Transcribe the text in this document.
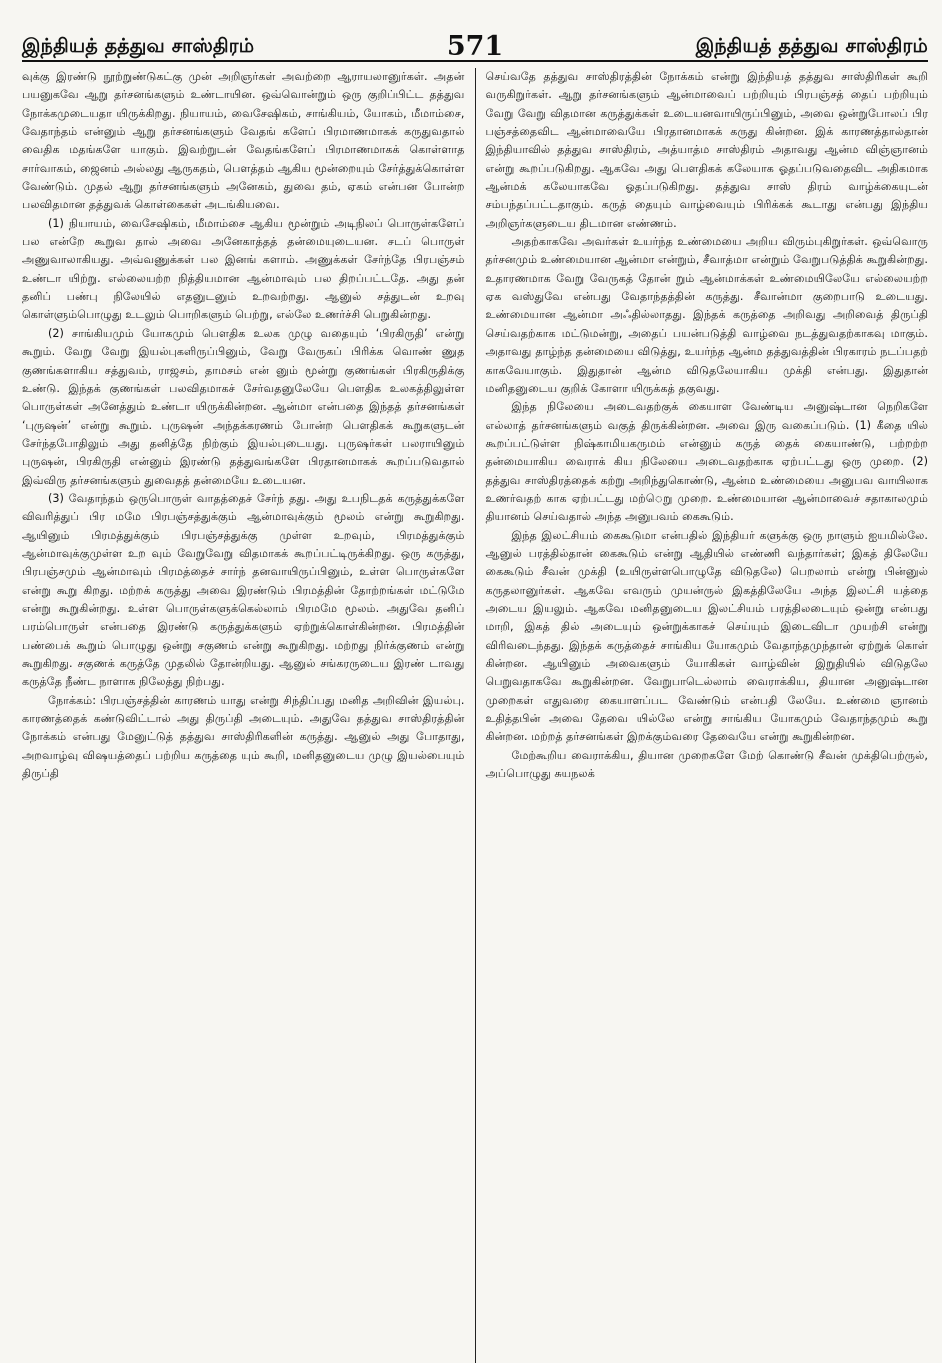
இந்தியத் தத்துவ சாஸ்திரம்	571	இந்தியத் தத்துவ சாஸ்திரம்

வுக்கு இரண்டு நூற்றுண்டுகட்கு முன் அறிஞர்கள் அவற்றை ஆராயலானுர்கள். அதன் பயனுகவே ஆறு தர்சனங்களும் உண்டாயின. ஒவ்வொன்றும் ஒரு குறிப்பிட்ட தத்துவ நோக்கமுடையதா யிருக்கிறது. நியாயம், வைசேஷிகம், சாங்கியம், யோகம், மீமாம்சை, வேதாந்தம் என்னும் ஆறு தர்சனங்களும் வேதங் களேப் பிரமாணமாகக் கருதுவதால் வைதிக மதங்களே யாகும். இவற்றுடன் வேதங்களேப் பிரமாணமாகக் கொள்ளாத சார்வாகம், ஜைனம் அல்லது ஆருகதம், பௌத்தம் ஆகிய மூன்றையும் சேர்த்துக்கொள்ள வேண்டும். முதல் ஆறு தர்சனங்களும் அனேகம், துவை தம், ஏகம் என்பன போன்ற பலவிதமான தத்துவக் கொள்கைகள் அடங்கியவை.

(1) நியாயம், வைசேஷிகம், மீமாம்சை ஆகிய மூன்றும் அடிநிலப் பொருள்களேப் பல என்றே கூறுவ தால் அவை அனேகாத்தத் தன்மையுடையன. சடப் பொருள் அணுவாலாகியது. அவ்வணுக்கள் பல இனங் களாம். அணுக்கள் சேர்ந்தே பிரபஞ்சம் உண்டா யிற்று. எல்லையற்ற நித்தியமான ஆன்மாவும் பல திறப்பட்டதே. அது தன் தனிப் பண்பு நிலேயில் எதனுடனும் உறவற்றது. ஆனுல் சத்துடன் உறவு கொள்ளும்பொழுது உடலும் பொறிகளும் பெற்று, எல்லே உணர்ச்சி பெறுகின்றது.

(2) சாங்கியமும் யோகமும் பௌதிக உலக முழு வதையும் ‘பிரகிருதி’ என்று கூறும். வேறு வேறு இயல்புகளிருப்பினும், வேறு வேருகப் பிரிக்க வொண் ணுத குணங்களாகிய சத்துவம், ராஜசம், தாமசம் என் னும் மூன்று குணங்கள் பிரகிருதிக்கு உண்டு. இந்தக் குணங்கள் பலவிதமாகச் சேர்வதனுலேயே பௌதிக உலகத்திலுள்ள பொருள்கள் அனேத்தும் உண்டா யிருக்கின்றன. ஆன்மா என்பதை இந்தத் தர்சனங்கள் ‘புருஷன்’ என்று கூறும். புருஷன் அந்தக்கரணம் போன்ற பௌதிகக் கூறுகளுடன் சேர்ந்தபோதிலும் அது தனித்தே நிற்கும் இயல்புடையது. புருஷர்கள் பலராயினும் புருஷன், பிரகிருதி என்னும் இரண்டு தத்துவங்களே பிரதானமாகக் கூறப்படுவதால் இவ்விரு தர்சனங்களும் துவைதத் தன்மையே உடையன.

(3) வேதாந்தம் ஒருபொருள் வாதத்தைச் சேர்ந் தது. அது உபநிடதக் கருத்துக்களே விவரித்துப் பிர மமே பிரபஞ்சத்துக்கும் ஆன்மாவுக்கும் மூலம் என்று கூறுகிறது. ஆயினும் பிரமத்துக்கும் பிரபஞ்சத்துக்கு முள்ள உறவும், பிரமத்துக்கும் ஆன்மாவுக்குமுள்ள உற வும் வேறுவேறு விதமாகக் கூறப்பட்டிருக்கிறது. ஒரு கருத்து, பிரபஞ்சமும் ஆன்மாவும் பிரமத்தைச் சார்ந் தனவாயிருப்பினும், உள்ள பொருள்களே என்று கூறு கிறது. மற்றக் கருத்து அவை இரண்டும் பிரமத்தின் தோற்றங்கள் மட்டுமே என்று கூறுகின்றது. உள்ள பொருள்களுக்கெல்லாம் பிரமமே மூலம். அதுவே தனிப் பரம்பொருள் என்பதை இரண்டு கருத்துக்களும் ஏற்றுக்கொள்கின்றன. பிரமத்தின் பண்பைக் கூறும் பொழுது ஒன்று சகுணம் என்று கூறுகிறது. மற்றது நிர்க்குணம் என்று கூறுகிறது. சகுணக் கருத்தே முதலில் தோன்றியது. ஆனுல் சங்கரருடைய இரண் டாவது கருத்தே நீண்ட நாளாக நிலேத்து நிற்பது.

நோக்கம்: பிரபஞ்சத்தின் காரணம் யாது என்று சிந்திப்பது மனித அறிவின் இயல்பு. காரணத்தைக் கண்டுவிட்டால் அது திருப்தி அடையும். அதுவே தத்துவ சாஸ்திரத்தின் நோக்கம் என்பது மேனுட்டுத் தத்துவ சாஸ்திரிகளின் கருத்து. ஆனுல் அது போதாது, அறவாழ்வு விஷயத்தைப் பற்றிய கருத்தை யும் கூறி, மனிதனுடைய முழு இயல்பையும் திருப்தி

செய்வதே தத்துவ சாஸ்திரத்தின் நோக்கம் என்று இந்தியத் தத்துவ சாஸ்திரிகள் கூறி வருகிறுர்கள். ஆறு தர்சனங்களும் ஆன்மாவைப் பற்றியும் பிரபஞ்சத் தைப் பற்றியும் வேறு வேறு விதமான கருத்துக்கள் உடையனவாயிருப்பினும், அவை ஒன்றுபோலப் பிர பஞ்சத்தைவிட ஆன்மாவையே பிரதானமாகக் கருது கின்றன. இக் காரணத்தால்தான் இந்தியாவில் தத்துவ சாஸ்திரம், அத்யாத்ம சாஸ்திரம் அதாவது ஆன்ம விஞ்ஞானம் என்று கூறப்படுகிறது. ஆகவே அது பௌதிகக் கலேயாக ஓதப்படுவதைவிட அதிகமாக ஆன்மக் கலேயாகவே ஓதப்படுகிறது. தத்துவ சாஸ் திரம் வாழ்க்கையுடன் சம்பந்தப்பட்டதாகும். கருத் தையும் வாழ்வையும் பிரிக்கக் கூடாது என்பது இந்திய அறிஞர்களுடைய திடமான எண்ணம்.

அதற்காகவே அவர்கள் உயர்ந்த உண்மையை அறிய விரும்புகிறுர்கள். ஒவ்வொரு தர்சனமும் உண்மையான ஆன்மா என்றும், சீவாத்மா என்றும் வேறுபடுத்திக் கூறுகின்றது. உதாரணமாக வேறு வேருகத் தோன் றும் ஆன்மாக்கள் உண்மையிலேயே எல்லையற்ற ஏக வஸ்துவே என்பது வேதாந்தத்தின் கருத்து. சீவான்மா குறைபாடு உடையது. உண்மையான ஆன்மா அஃதில்லாதது. இந்தக் கருத்தை அறிவது அறிவைத் திருப்தி செய்வதற்காக மட்டுமன்று, அதைப் பயன்படுத்தி வாழ்வை நடத்துவதற்காகவு மாகும். அதாவது தாழ்ந்த தன்மையை விடுத்து, உயர்ந்த ஆன்ம தத்துவத்தின் பிரகாரம் நடப்பதற் காகவேயாகும். இதுதான் ஆன்ம விடுதலேயாகிய முக்தி என்பது. இதுதான் மனிதனுடைய குறிக் கோளா யிருக்கத் தகுவது.

இந்த நிலேயை அடைவதற்குக் கையாள வேண்டிய அனுஷ்டான நெறிகளே எல்லாத் தர்சனங்களும் வகுத் திருக்கின்றன. அவை இரு வகைப்படும். (1) கீதை யில் கூறப்பட்டுள்ள நிஷ்காமியகருமம் என்னும் கருத் தைக் கையாண்டு, பற்றற்ற தன்மையாகிய வைராக் கிய நிலேயை அடைவதற்காக ஏற்பட்டது ஒரு முறை. (2) தத்துவ சாஸ்திரத்தைக் கற்று அறிந்துகொண்டு, ஆன்ம உண்மையை அனுபவ வாயிலாக உணர்வதற் காக ஏற்பட்டது மற்ெறு முறை. உண்மையான ஆன்மாவைச் சதாகாலமும் தியானம் செய்வதால் அந்த அனுபவம் கைகூடும்.

இந்த இலட்சியம் கைகூடுமா என்பதில் இந்தியர் களுக்கு ஒரு நாளும் ஐயமில்லே. ஆனுல் பரத்தில்தான் கைகூடும் என்று ஆதியில் எண்ணி வந்தார்கள்; இகத் திலேயே கைகூடும் சீவன் முக்தி (உயிருள்ளபொழுதே விடுதலே) பெறலாம் என்று பின்னுல் கருதலானுர்கள். ஆகவே எவரும் முயன்ருல் இகத்திலேயே அந்த இலட்சி யத்தை அடைய இயலும். ஆகவே மனிதனுடைய இலட்சியம் பரத்திலடையும் ஒன்று என்பது மாறி, இகத் தில் அடையும் ஒன்றுக்காகச் செய்யும் இடைவிடா முயற்சி என்று விரிவடைந்தது. இந்தக் கருத்தைச் சாங்கிய யோகமும் வேதாந்தமுந்தான் ஏற்றுக் கொள் கின்றன. ஆயினும் அவைகளும் யோகிகள் வாழ்வின் இறுதியில் விடுதலே பெறுவதாகவே கூறுகின்றன. வேறுபாடெல்லாம் வைராக்கிய, தியான அனுஷ்டான முறைகள் எதுவரை கையாளப்பட வேண்டும் என்பதி லேயே. உண்மை ஞானம் உதித்தபின் அவை தேவை யில்லே என்று சாங்கிய யோகமும் வேதாந்தமும் கூறு கின்றன. மற்றத் தர்சனங்கள் இறக்கும்வரை தேவையே என்று கூறுகின்றன.

மேற்கூறிய வைராக்கிய, தியான முறைகளே மேற் கொண்டு சீவன் முக்திபெற்ருல், அப்பொழுது சுயநலக்
